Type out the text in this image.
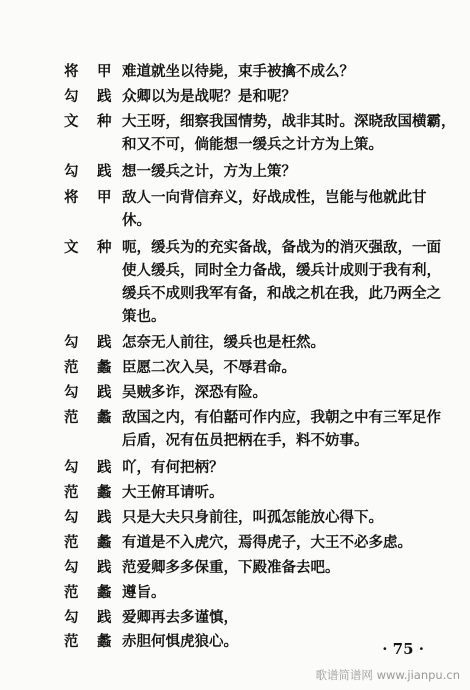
将　甲 难道就坐以待毙，束手被擒不成么？
勾　践 众卿以为是战呢？是和呢？
文　种 大王呀，细察我国情势，战非其时。深晓敌国横霸，
和又不可，倘能想一缓兵之计方为上策。
勾　践 想一缓兵之计，方为上策？
将　甲 敌人一向背信弃义，好战成性，岂能与他就此甘
休。
文　种 呃，缓兵为的充实备战，备战为的消灭强敌，一面
使人缓兵，同时全力备战，缓兵计成则于我有利，
缓兵不成则我军有备，和战之机在我，此乃两全之
策也。
勾　践 怎奈无人前往，缓兵也是枉然。
范　蠡 臣愿二次入吴，不辱君命。
勾　践 吴贼多诈，深恐有险。
范　蠡 敌国之内，有伯嚭可作内应，我朝之中有三军足作
后盾，况有伍员把柄在手，料不妨事。
勾　践 吖，有何把柄？
范　蠡 大王俯耳请听。
勾　践 只是大夫只身前往，叫孤怎能放心得下。
范　蠡 有道是不入虎穴，焉得虎子，大王不必多虑。
勾　践 范爱卿多多保重，下殿准备去吧。
范　蠡 遵旨。
勾　践 爱卿再去多谨慎，
范　蠡 赤胆何惧虎狼心。	· 75 ·
歌谱简谱网 www.jianpu.cn
